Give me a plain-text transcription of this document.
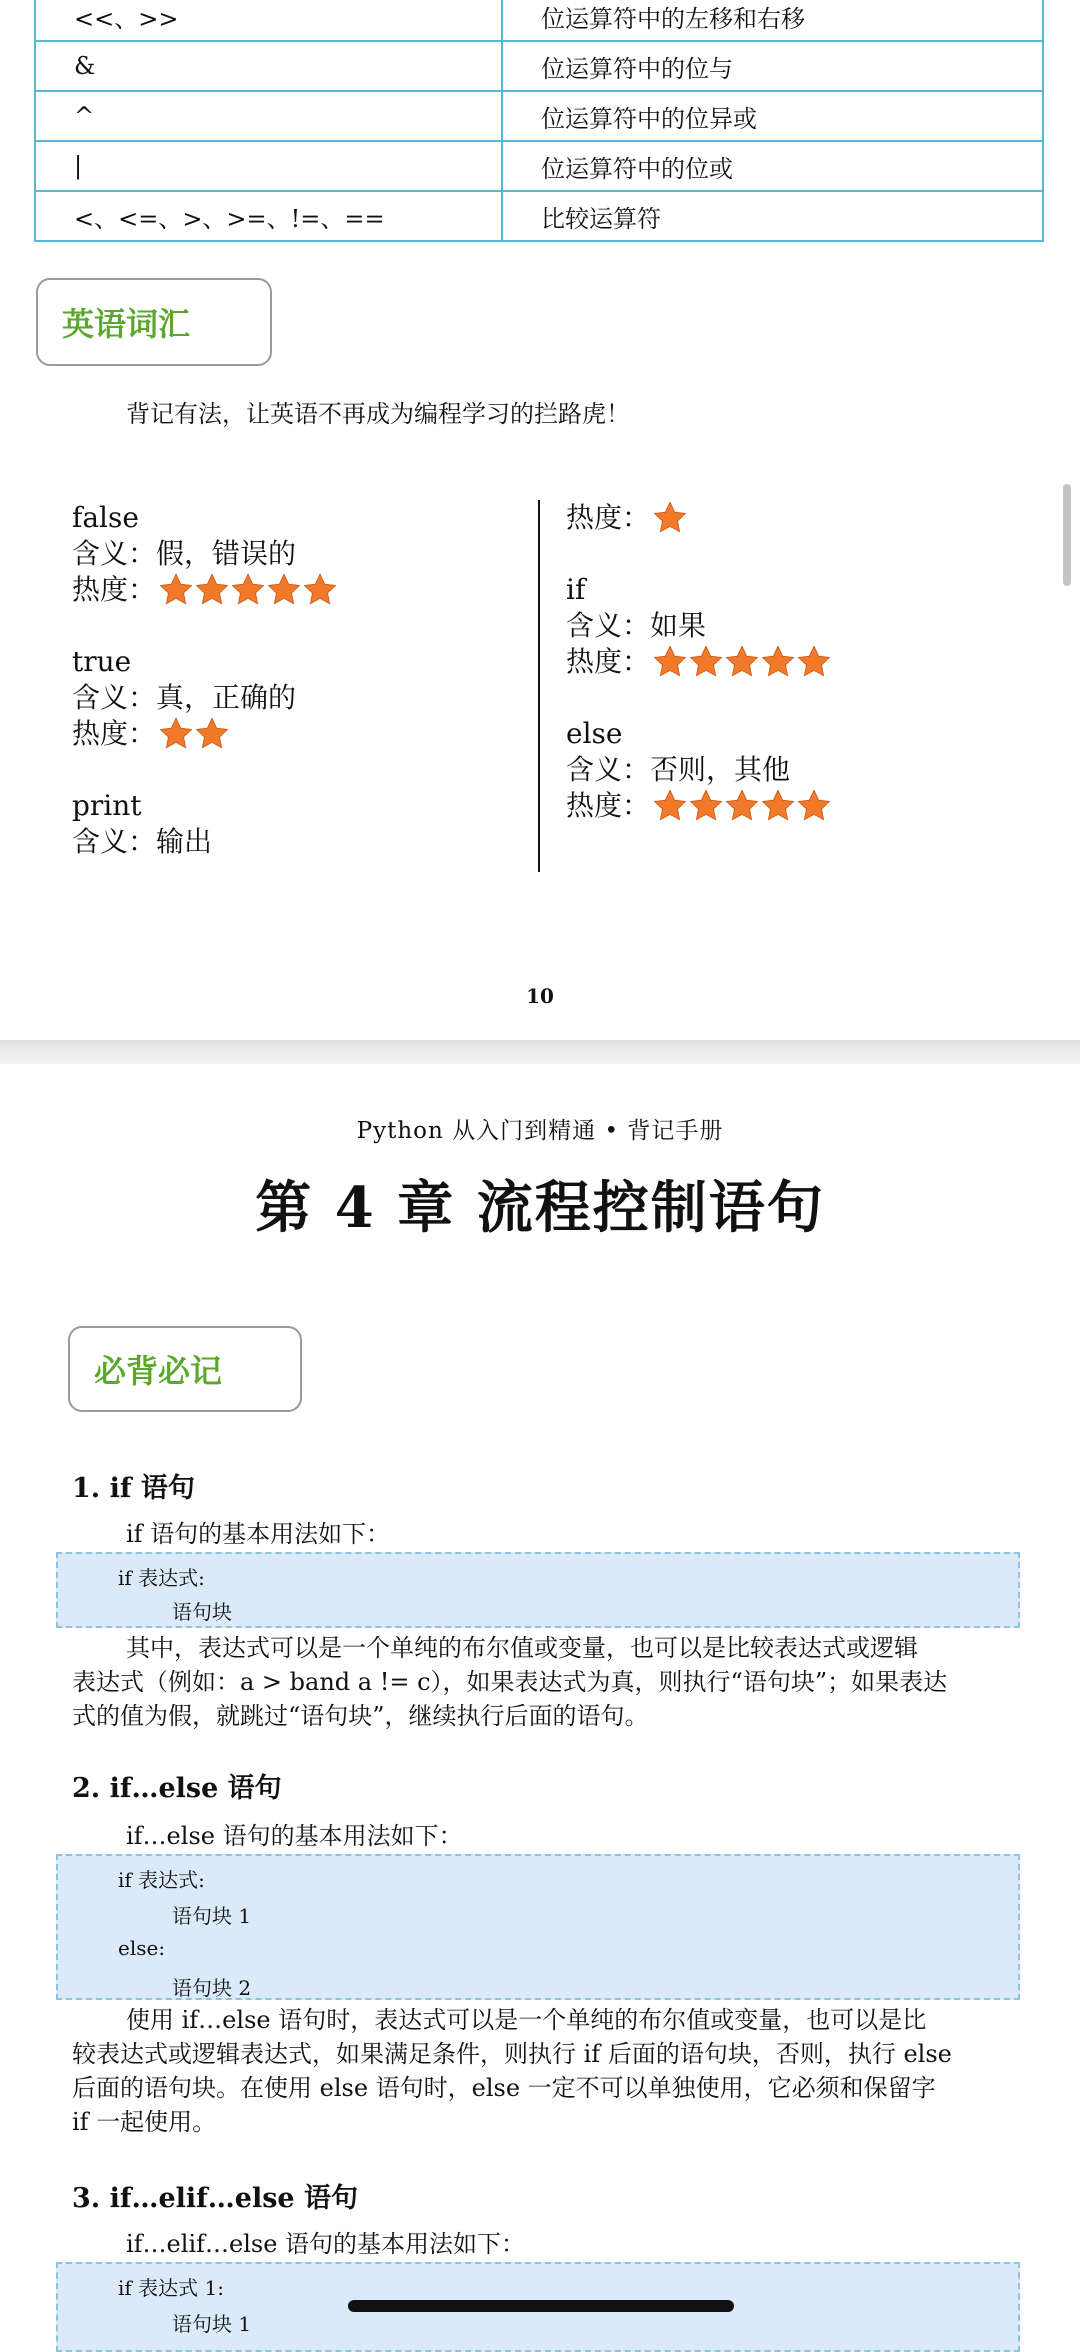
<<、>>	位运算符中的左移和右移
&	位运算符中的位与
^	位运算符中的位异或
|	位运算符中的位或
<、<=、>、>=、!=、==	比较运算符
英语词汇
背记有法，让英语不再成为编程学习的拦路虎！
false
含义： 假，错误的
热度：
true
含义： 真，正确的
热度：
print
含义： 输出
热度：
if
含义： 如果
热度：
else
含义： 否则，其他
热度：
10
Python 从入门到精通 • 背记手册
第 4 章 流程控制语句
必背必记
1. if 语句
if 语句的基本用法如下：
if 表达式:
语句块
其中，表达式可以是一个单纯的布尔值或变量，也可以是比较表达式或逻辑
表达式（例如：a > band a != c），如果表达式为真，则执行“语句块”；如果表达
式的值为假，就跳过“语句块”，继续执行后面的语句。
2. if…else 语句
if…else 语句的基本用法如下：
if 表达式:
语句块 1
else:
语句块 2
使用 if…else 语句时，表达式可以是一个单纯的布尔值或变量，也可以是比
较表达式或逻辑表达式，如果满足条件，则执行 if 后面的语句块，否则，执行 else
后面的语句块。在使用 else 语句时，else 一定不可以单独使用，它必须和保留字
if 一起使用。
3. if…elif…else 语句
if…elif…else 语句的基本用法如下：
if 表达式 1:
语句块 1
